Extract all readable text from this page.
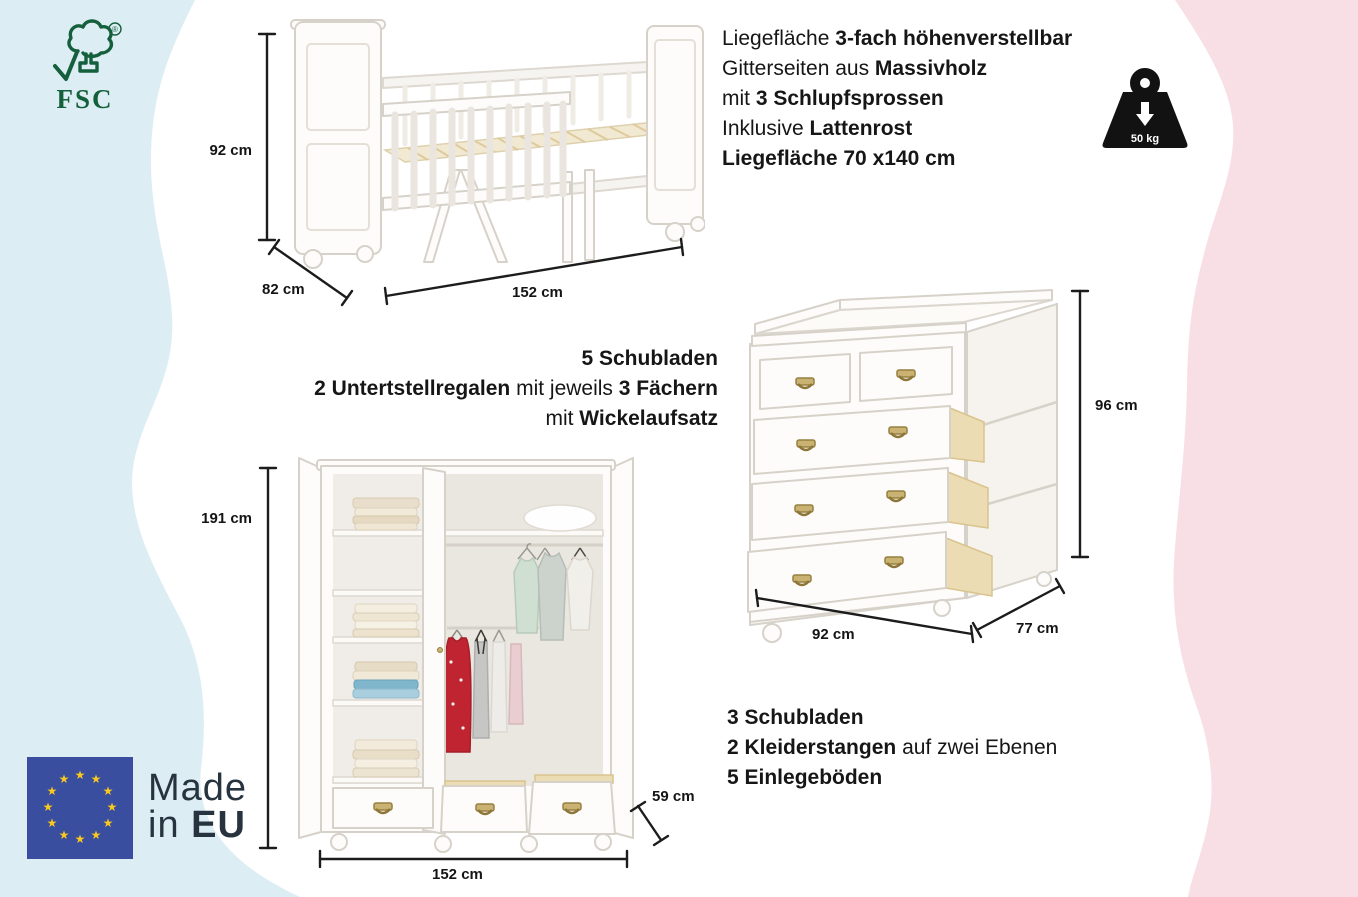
®
FSC
50 kg
92 cm
82 cm	152 cm
96 cm
92 cm	77 cm
191 cm
59 cm
152 cm
Liegefläche 3-fach höhenverstellbar
Gitterseiten aus Massivholz
mit 3 Schlupfsprossen
Inklusive Lattenrost
Liegefläche 70 x140 cm
5 Schubladen
2 Untertstellregalen mit jeweils 3 Fächern
mit Wickelaufsatz
3 Schubladen
2 Kleiderstangen auf zwei Ebenen
5 Einlegeböden
★ ★
★
★
★
★
★
★
★
★
★
★ Made
in EU
